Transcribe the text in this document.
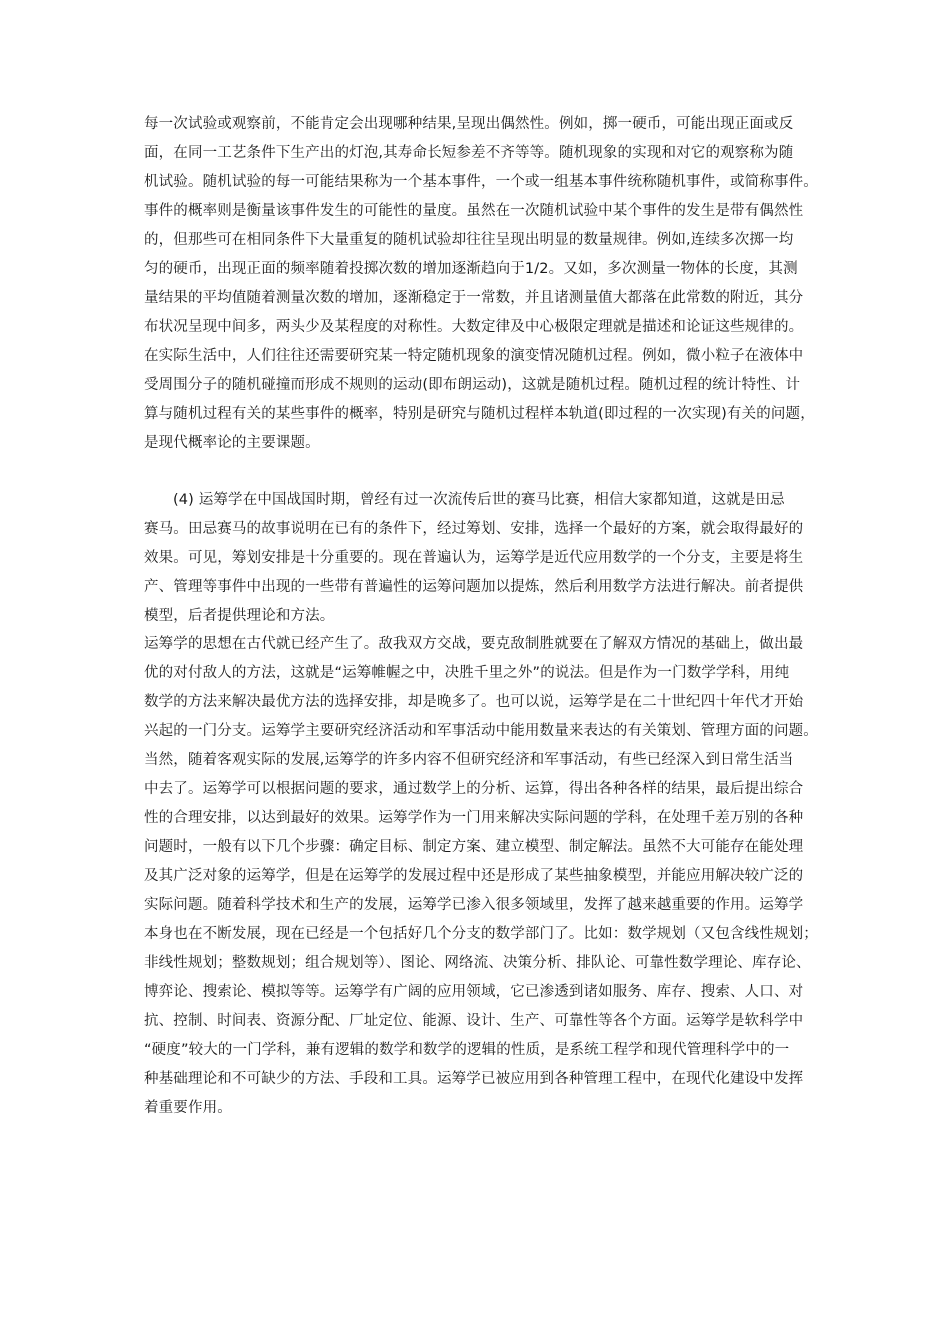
每一次试验或观察前，不能肯定会出现哪种结果,呈现出偶然性。例如，掷一硬币，可能出现正面或反
面，在同一工艺条件下生产出的灯泡,其寿命长短参差不齐等等。随机现象的实现和对它的观察称为随
机试验。随机试验的每一可能结果称为一个基本事件，一个或一组基本事件统称随机事件，或简称事件。
事件的概率则是衡量该事件发生的可能性的量度。虽然在一次随机试验中某个事件的发生是带有偶然性
的，但那些可在相同条件下大量重复的随机试验却往往呈现出明显的数量规律。例如,连续多次掷一均
匀的硬币，出现正面的频率随着投掷次数的增加逐渐趋向于1/2。又如，多次测量一物体的长度，其测
量结果的平均值随着测量次数的增加，逐渐稳定于一常数，并且诸测量值大都落在此常数的附近，其分
布状况呈现中间多，两头少及某程度的对称性。大数定律及中心极限定理就是描述和论证这些规律的。
在实际生活中，人们往往还需要研究某一特定随机现象的演变情况随机过程。例如，微小粒子在液体中
受周围分子的随机碰撞而形成不规则的运动(即布朗运动)，这就是随机过程。随机过程的统计特性、计
算与随机过程有关的某些事件的概率，特别是研究与随机过程样本轨道(即过程的一次实现)有关的问题，
是现代概率论的主要课题。
(4) 运筹学在中国战国时期，曾经有过一次流传后世的赛马比赛，相信大家都知道，这就是田忌
赛马。田忌赛马的故事说明在已有的条件下，经过筹划、安排，选择一个最好的方案，就会取得最好的
效果。可见，筹划安排是十分重要的。现在普遍认为，运筹学是近代应用数学的一个分支，主要是将生
产、管理等事件中出现的一些带有普遍性的运筹问题加以提炼，然后利用数学方法进行解决。前者提供
模型，后者提供理论和方法。
运筹学的思想在古代就已经产生了。敌我双方交战，要克敌制胜就要在了解双方情况的基础上，做出最
优的对付敌人的方法，这就是“运筹帷幄之中，决胜千里之外”的说法。但是作为一门数学学科，用纯
数学的方法来解决最优方法的选择安排，却是晚多了。也可以说，运筹学是在二十世纪四十年代才开始
兴起的一门分支。运筹学主要研究经济活动和军事活动中能用数量来表达的有关策划、管理方面的问题。
当然，随着客观实际的发展,运筹学的许多内容不但研究经济和军事活动，有些已经深入到日常生活当
中去了。运筹学可以根据问题的要求，通过数学上的分析、运算，得出各种各样的结果，最后提出综合
性的合理安排，以达到最好的效果。运筹学作为一门用来解决实际问题的学科，在处理千差万别的各种
问题时，一般有以下几个步骤：确定目标、制定方案、建立模型、制定解法。虽然不大可能存在能处理
及其广泛对象的运筹学，但是在运筹学的发展过程中还是形成了某些抽象模型，并能应用解决较广泛的
实际问题。随着科学技术和生产的发展，运筹学已渗入很多领域里，发挥了越来越重要的作用。运筹学
本身也在不断发展，现在已经是一个包括好几个分支的数学部门了。比如：数学规划（又包含线性规划；
非线性规划；整数规划；组合规划等）、图论、网络流、决策分析、排队论、可靠性数学理论、库存论、
博弈论、搜索论、模拟等等。运筹学有广阔的应用领域，它已渗透到诸如服务、库存、搜索、人口、对
抗、控制、时间表、资源分配、厂址定位、能源、设计、生产、可靠性等各个方面。运筹学是软科学中
“硬度”较大的一门学科，兼有逻辑的数学和数学的逻辑的性质，是系统工程学和现代管理科学中的一
种基础理论和不可缺少的方法、手段和工具。运筹学已被应用到各种管理工程中，在现代化建设中发挥
着重要作用。
